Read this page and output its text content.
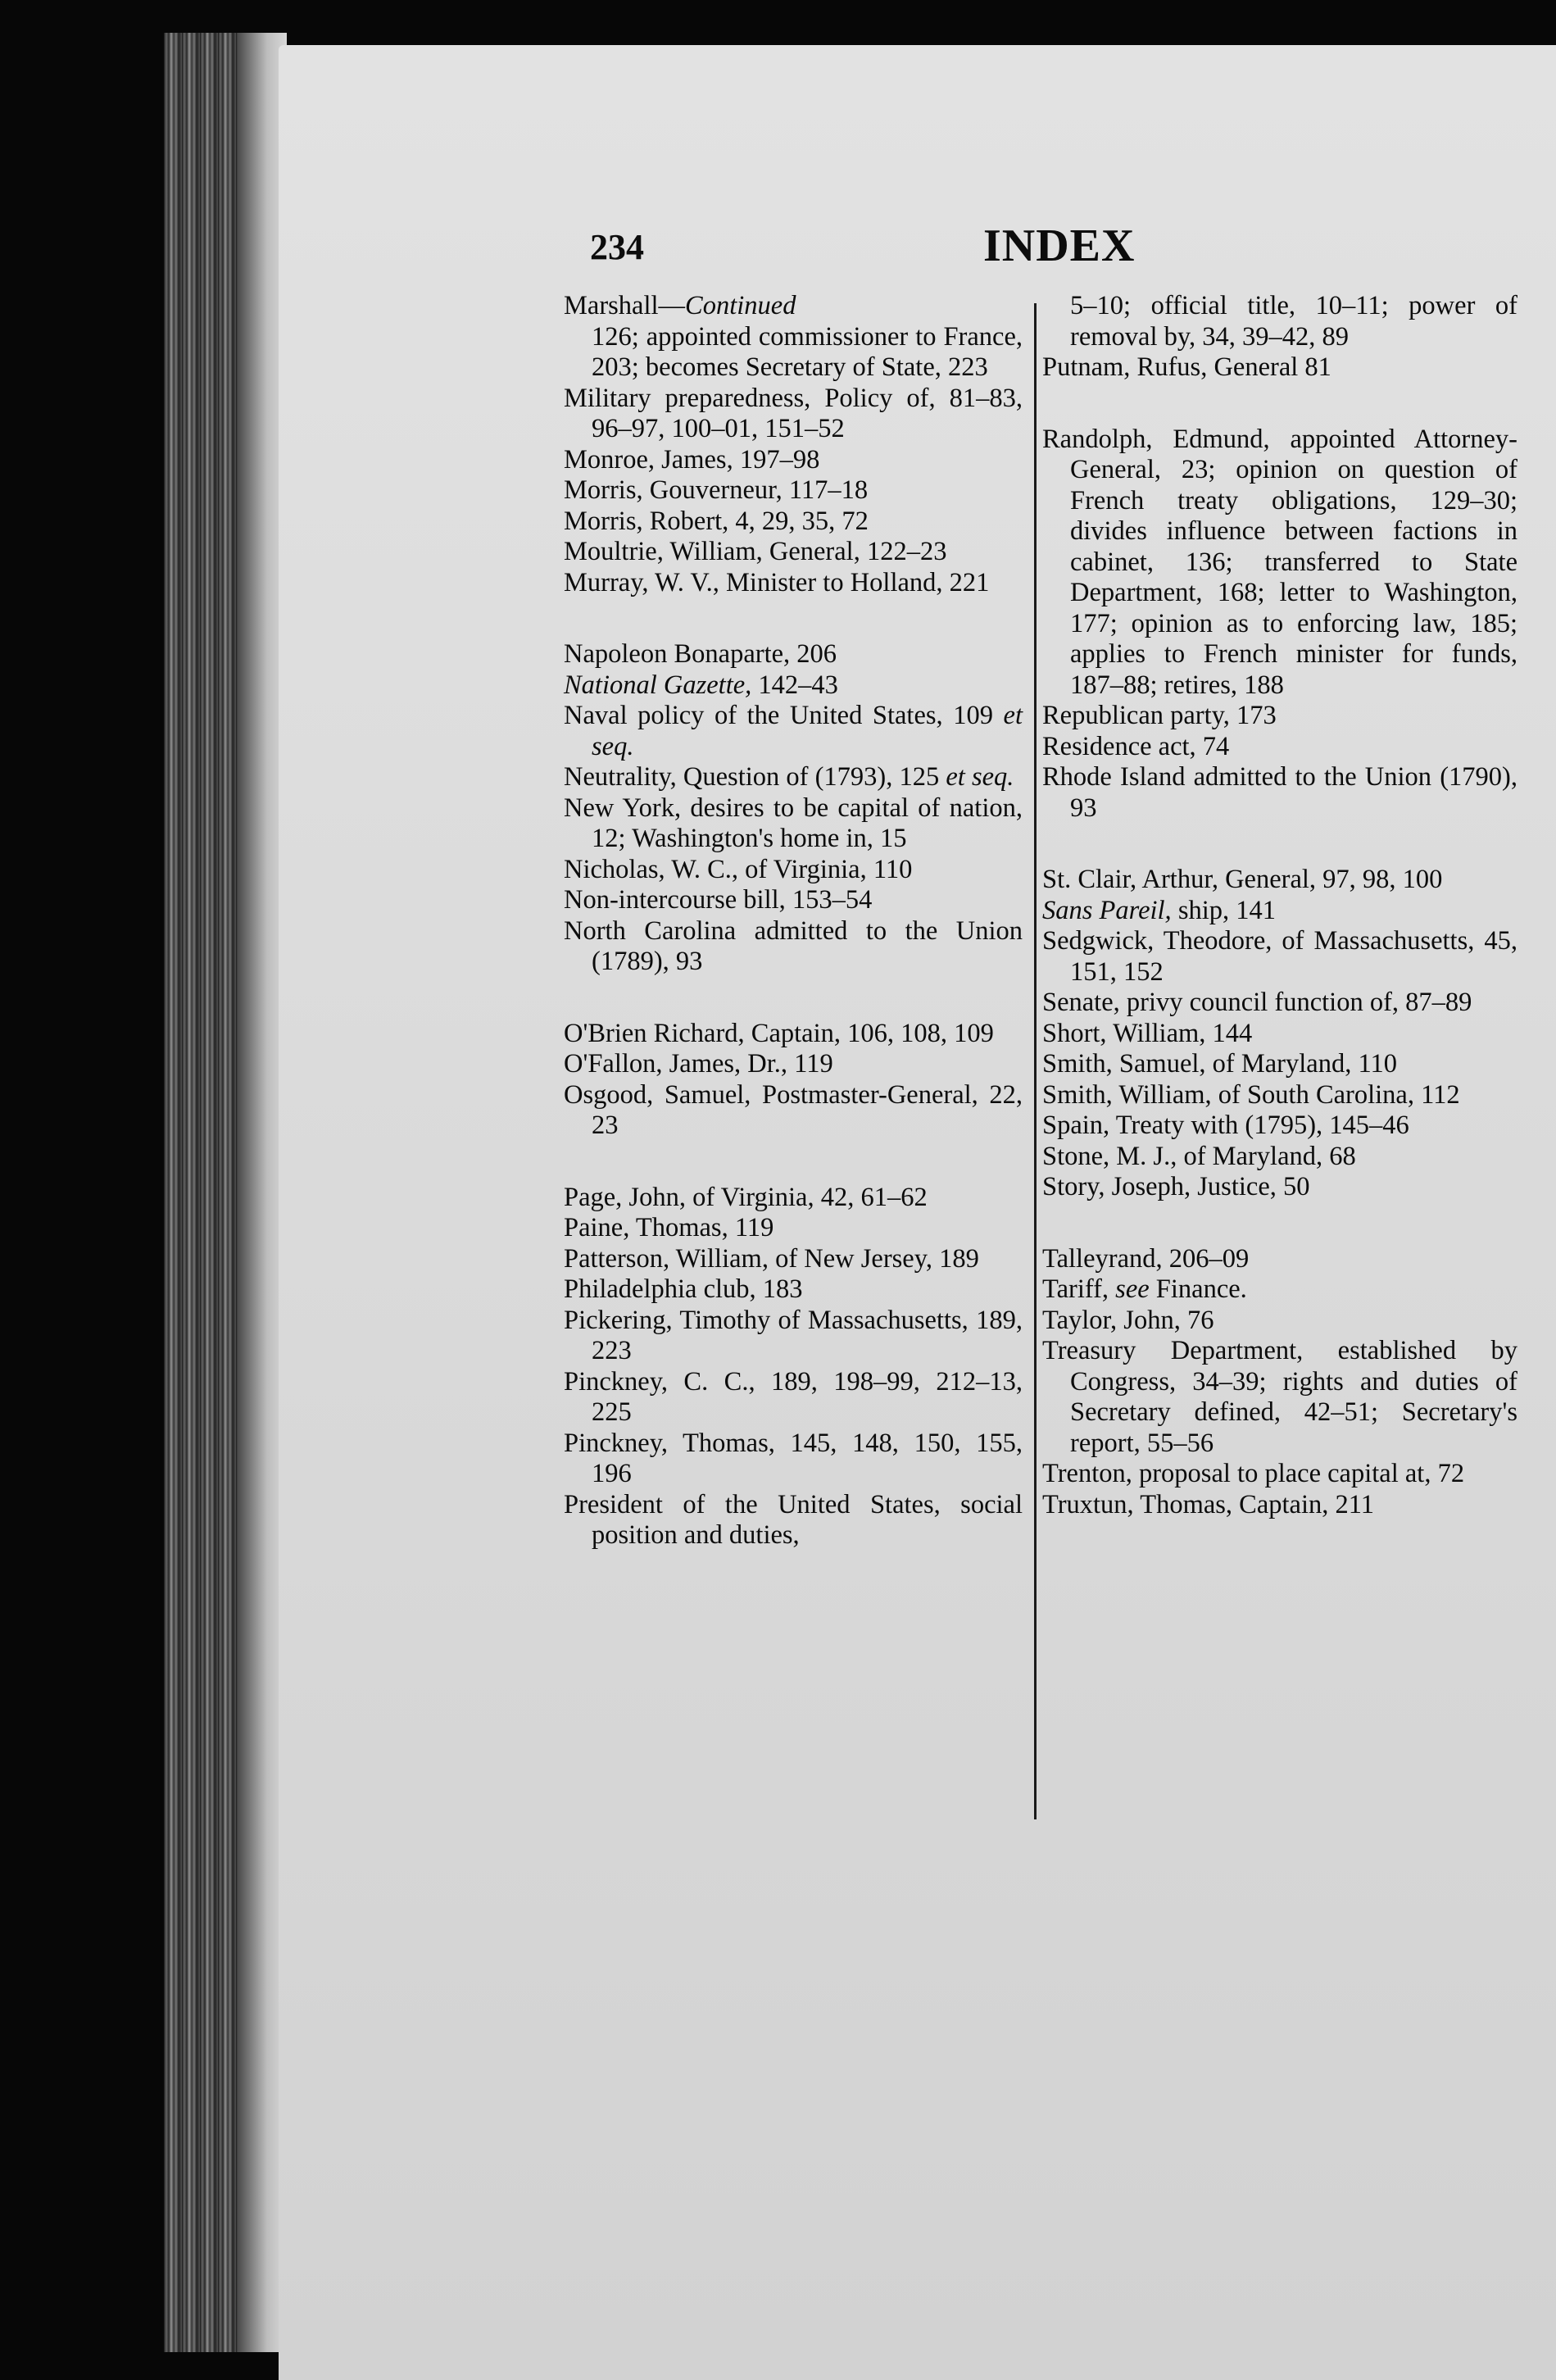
234	INDEX

Marshall—Continued

126; appointed commissioner to France, 203; becomes Secretary of State, 223

Military preparedness, Policy of, 81–83, 96–97, 100–01, 151–52

Monroe, James, 197–98

Morris, Gouverneur, 117–18

Morris, Robert, 4, 29, 35, 72

Moultrie, William, General, 122–23

Murray, W. V., Minister to Holland, 221

Napoleon Bonaparte, 206

National Gazette, 142–43

Naval policy of the United States, 109 et seq.

Neutrality, Question of (1793), 125 et seq.

New York, desires to be capital of nation, 12; Washington's home in, 15

Nicholas, W. C., of Virginia, 110

Non-intercourse bill, 153–54

North Carolina admitted to the Union (1789), 93

O'Brien Richard, Captain, 106, 108, 109

O'Fallon, James, Dr., 119

Osgood, Samuel, Postmaster-General, 22, 23

Page, John, of Virginia, 42, 61–62

Paine, Thomas, 119

Patterson, William, of New Jersey, 189

Philadelphia club, 183

Pickering, Timothy of Massachusetts, 189, 223

Pinckney, C. C., 189, 198–99, 212–13, 225

Pinckney, Thomas, 145, 148, 150, 155, 196

President of the United States, social position and duties,

5–10; official title, 10–11; power of removal by, 34, 39–42, 89

Putnam, Rufus, General 81

Randolph, Edmund, appointed Attorney-General, 23; opinion on question of French treaty obligations, 129–30; divides influence between factions in cabinet, 136; transferred to State Department, 168; letter to Washington, 177; opinion as to enforcing law, 185; applies to French minister for funds, 187–88; retires, 188

Republican party, 173

Residence act, 74

Rhode Island admitted to the Union (1790), 93

St. Clair, Arthur, General, 97, 98, 100

Sans Pareil, ship, 141

Sedgwick, Theodore, of Massachusetts, 45, 151, 152

Senate, privy council function of, 87–89

Short, William, 144

Smith, Samuel, of Maryland, 110

Smith, William, of South Carolina, 112

Spain, Treaty with (1795), 145–46

Stone, M. J., of Maryland, 68

Story, Joseph, Justice, 50

Talleyrand, 206–09

Tariff, see Finance.

Taylor, John, 76

Treasury Department, established by Congress, 34–39; rights and duties of Secretary defined, 42–51; Secretary's report, 55–56

Trenton, proposal to place capital at, 72

Truxtun, Thomas, Captain, 211
